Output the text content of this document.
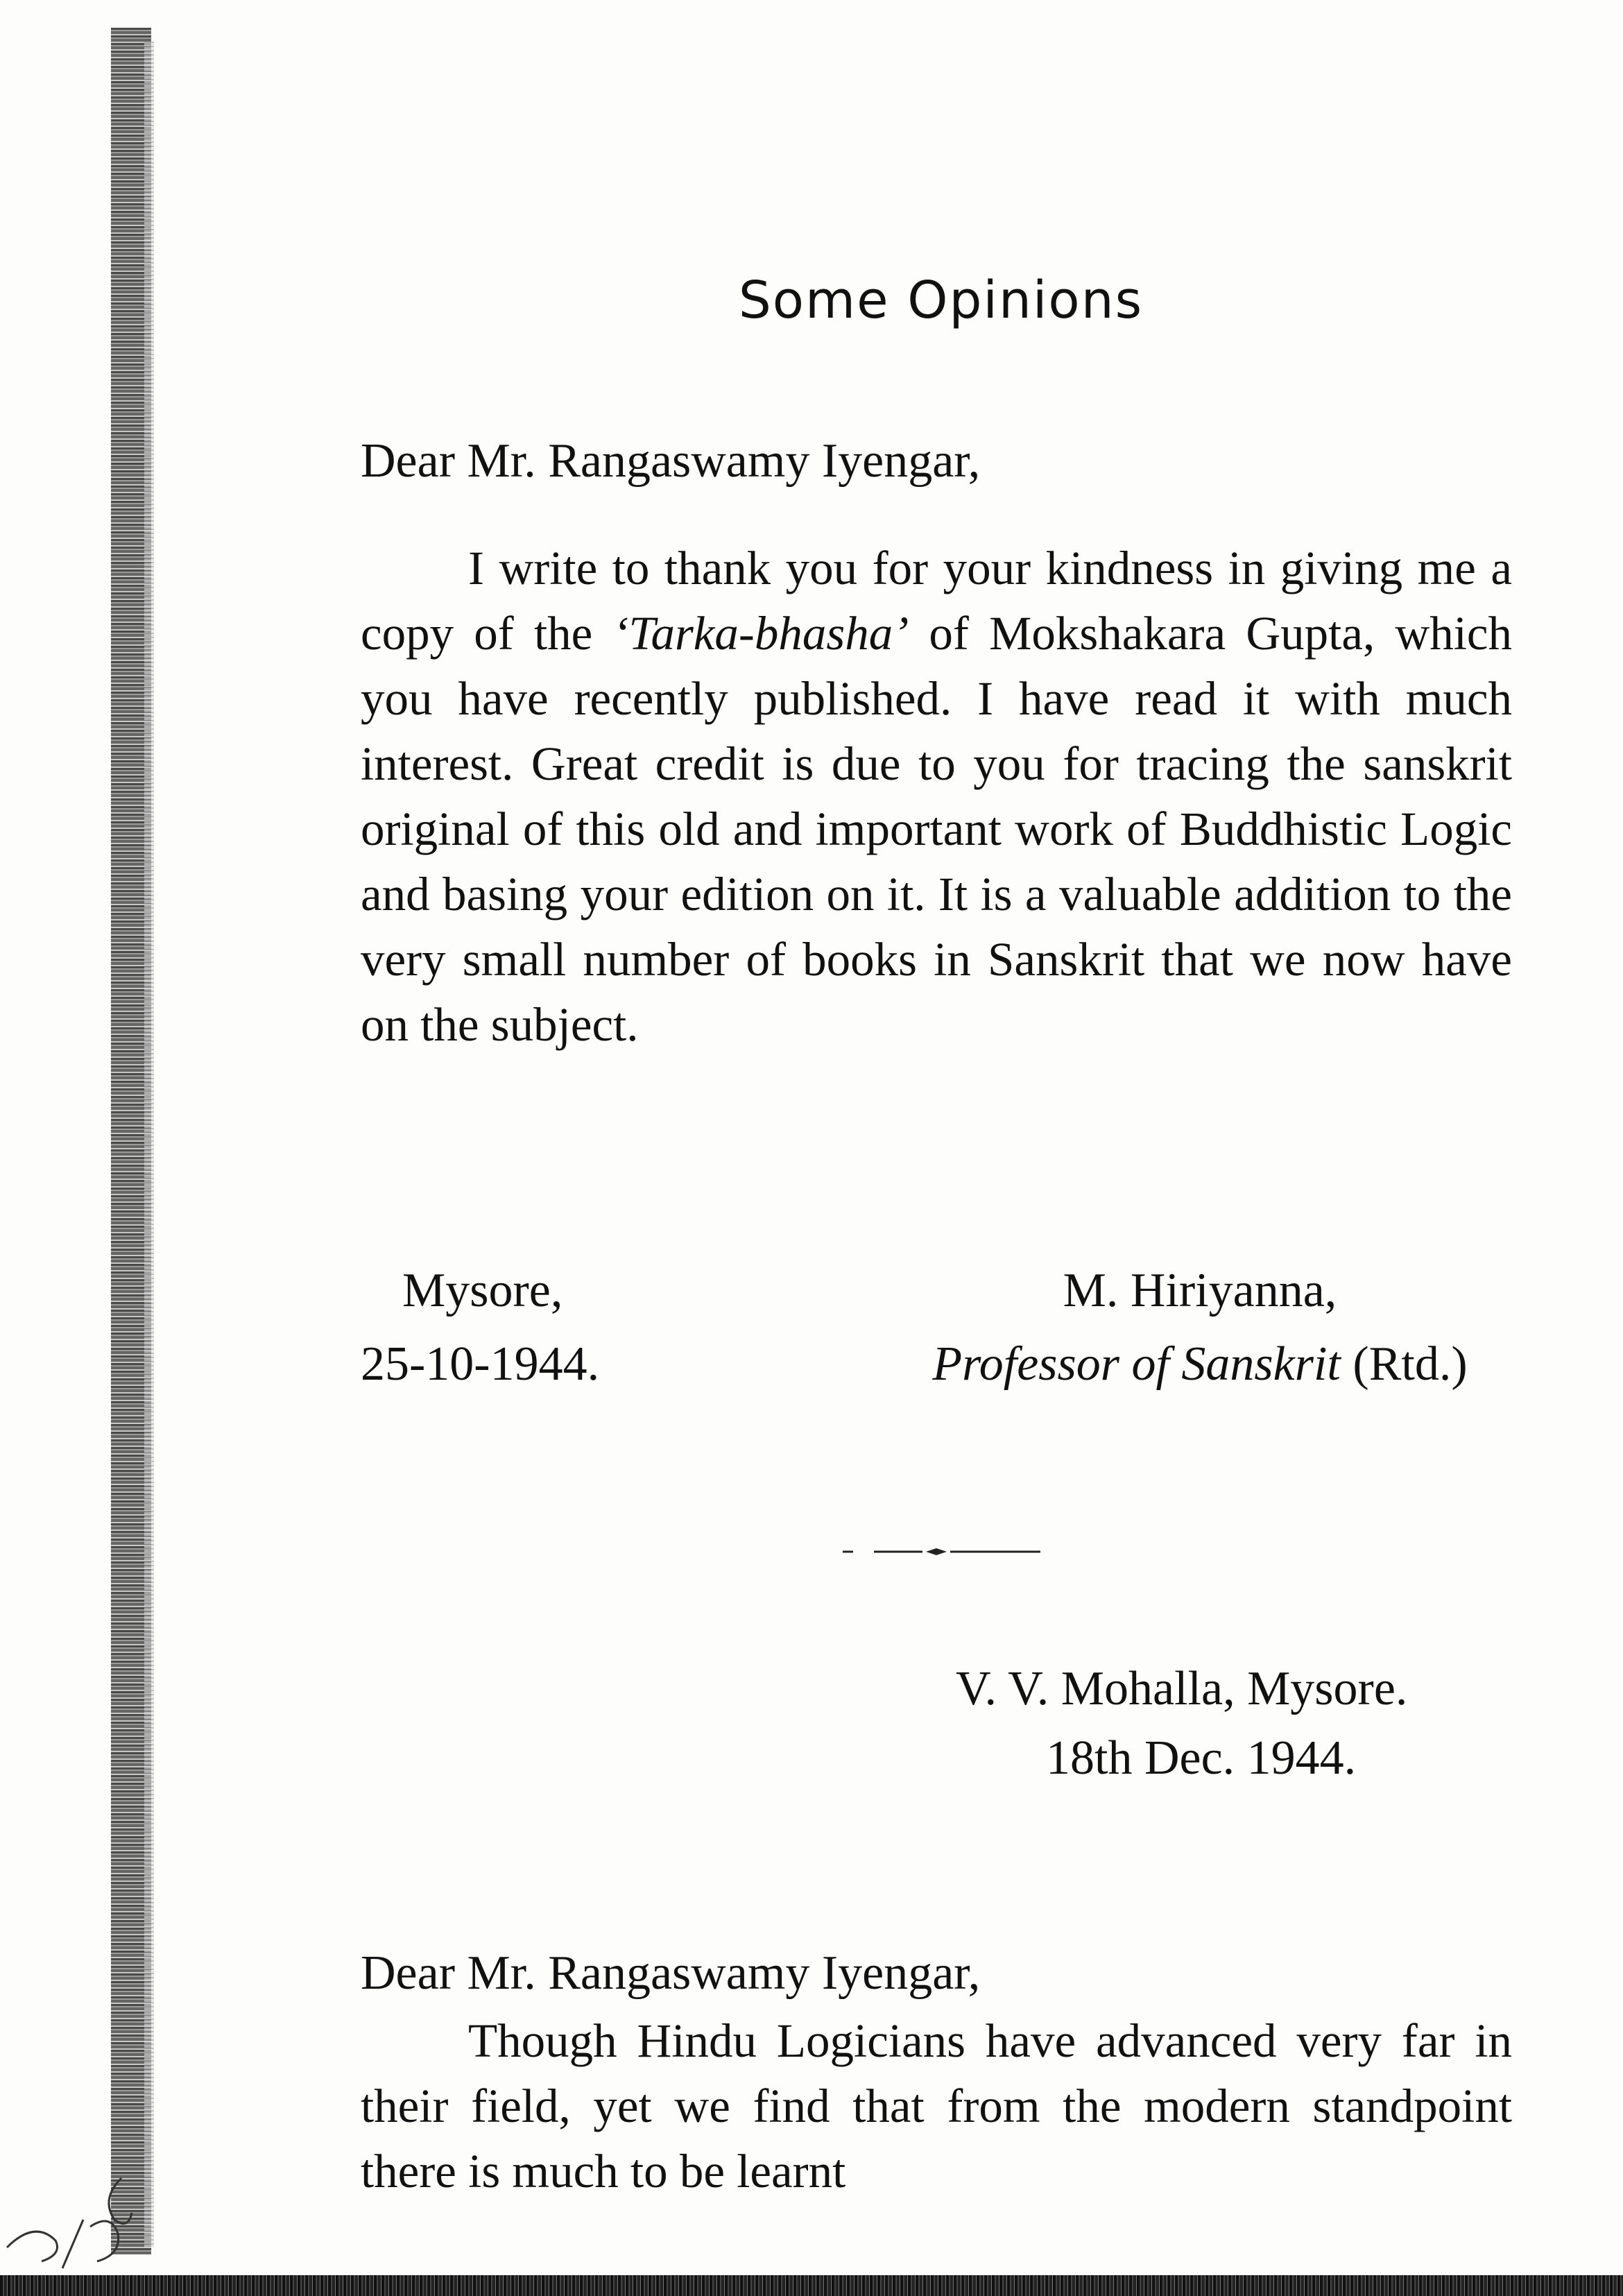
Some Opinions
Dear Mr. Rangaswamy Iyengar,
I write to thank you for your kindness in giving me a copy of the ‘Tarka-bhasha’ of Mokshakara Gupta, which you have recently published. I have read it with much interest. Great credit is due to you for tracing the sanskrit original of this old and important work of Buddhistic Logic and basing your edition on it. It is a valuable addition to the very small number of books in Sanskrit that we now have on the subject.
Mysore,
25-10-1944.
M. Hiriyanna,
Professor of Sanskrit (Rtd.)
V. V. Mohalla, Mysore.
18th Dec. 1944.
Dear Mr. Rangaswamy Iyengar,
Though Hindu Logicians have advanced very far in their field, yet we find that from the modern standpoint there is much to be learnt
